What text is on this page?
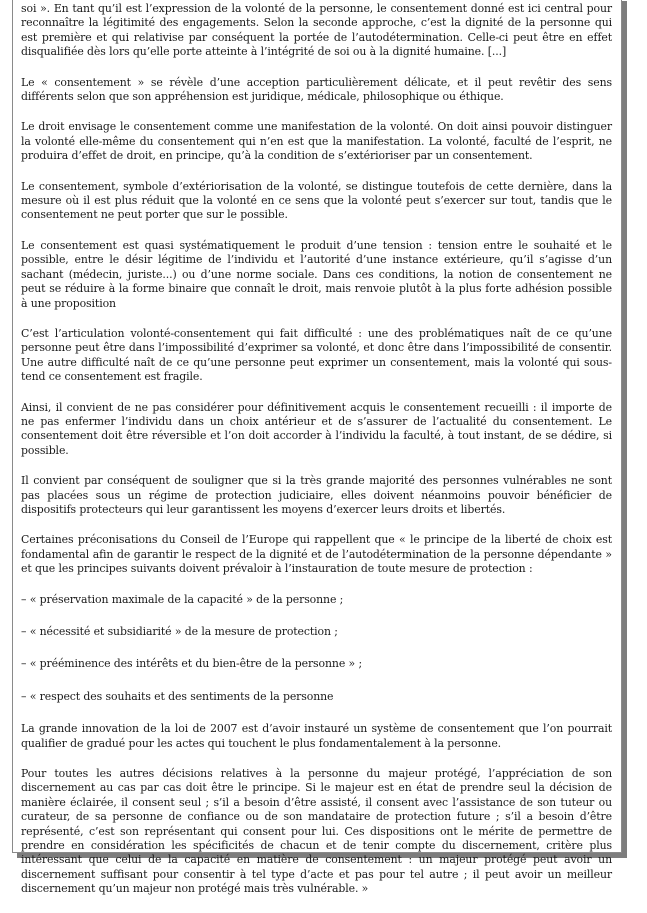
soi ». En tant qu’il est l’expression de la volonté de la personne, le consentement donné est ici central pour reconnaître la légitimité des engagements. Selon la seconde approche, c’est la dignité de la personne qui est première et qui relativise par conséquent la portée de l’autodétermination. Celle-ci peut être en effet disqualifiée dès lors qu’elle porte atteinte à l’intégrité de soi ou à la dignité humaine. [...]

Le « consentement » se révèle d’une acception particulièrement délicate, et il peut revêtir des sens différents selon que son appréhension est juridique, médicale, philosophique ou éthique.

Le droit envisage le consentement comme une manifestation de la volonté. On doit ainsi pouvoir distinguer la volonté elle-même du consentement qui n’en est que la manifestation. La volonté, faculté de l’esprit, ne produira d’effet de droit, en principe, qu’à la condition de s’extérioriser par un consentement.

Le consentement, symbole d’extériorisation de la volonté, se distingue toutefois de cette dernière, dans la mesure où il est plus réduit que la volonté en ce sens que la volonté peut s’exercer sur tout, tandis que le consentement ne peut porter que sur le possible.

Le consentement est quasi systématiquement le produit d’une tension : tension entre le souhaité et le possible, entre le désir légitime de l’individu et l’autorité d’une instance extérieure, qu’il s’agisse d’un sachant (médecin, juriste...) ou d’une norme sociale. Dans ces conditions, la notion de consentement ne peut se réduire à la forme binaire que connaît le droit, mais renvoie plutôt à la plus forte adhésion possible à une proposition

C’est l’articulation volonté-consentement qui fait difficulté : une des problématiques naît de ce qu’une personne peut être dans l’impossibilité d’exprimer sa volonté, et donc être dans l’impossibilité de consentir. Une autre difficulté naît de ce qu’une personne peut exprimer un consentement, mais la volonté qui sous-tend ce consentement est fragile.

Ainsi, il convient de ne pas considérer pour définitivement acquis le consentement recueilli : il importe de ne pas enfermer l’individu dans un choix antérieur et de s’assurer de l’actualité du consentement. Le consentement doit être réversible et l’on doit accorder à l’individu la faculté, à tout instant, de se dédire, si possible.

Il convient par conséquent de souligner que si la très grande majorité des personnes vulnérables ne sont pas placées sous un régime de protection judiciaire, elles doivent néanmoins pouvoir bénéficier de dispositifs protecteurs qui leur garantissent les moyens d’exercer leurs droits et libertés.

Certaines préconisations du Conseil de l’Europe qui rappellent que « le principe de la liberté de choix est fondamental afin de garantir le respect de la dignité et de l’autodétermination de la personne dépendante » et que les principes suivants doivent prévaloir à l’instauration de toute mesure de protection :

– « préservation maximale de la capacité » de la personne ;

– « nécessité et subsidiarité » de la mesure de protection ;

– « prééminence des intérêts et du bien-être de la personne » ;

– « respect des souhaits et des sentiments de la personne

La grande innovation de la loi de 2007 est d’avoir instauré un système de consentement que l’on pourrait qualifier de gradué pour les actes qui touchent le plus fondamentalement à la personne.

Pour toutes les autres décisions relatives à la personne du majeur protégé, l’appréciation de son discernement au cas par cas doit être le principe. Si le majeur est en état de prendre seul la décision de manière éclairée, il consent seul ; s’il a besoin d’être assisté, il consent avec l’assistance de son tuteur ou curateur, de sa personne de confiance ou de son mandataire de protection future ; s’il a besoin d’être représenté, c’est son représentant qui consent pour lui. Ces dispositions ont le mérite de permettre de prendre en considération les spécificités de chacun et de tenir compte du discernement, critère plus intéressant que celui de la capacité en matière de consentement : un majeur protégé peut avoir un discernement suffisant pour consentir à tel type d’acte et pas pour tel autre ; il peut avoir un meilleur discernement qu’un majeur non protégé mais très vulnérable. »
